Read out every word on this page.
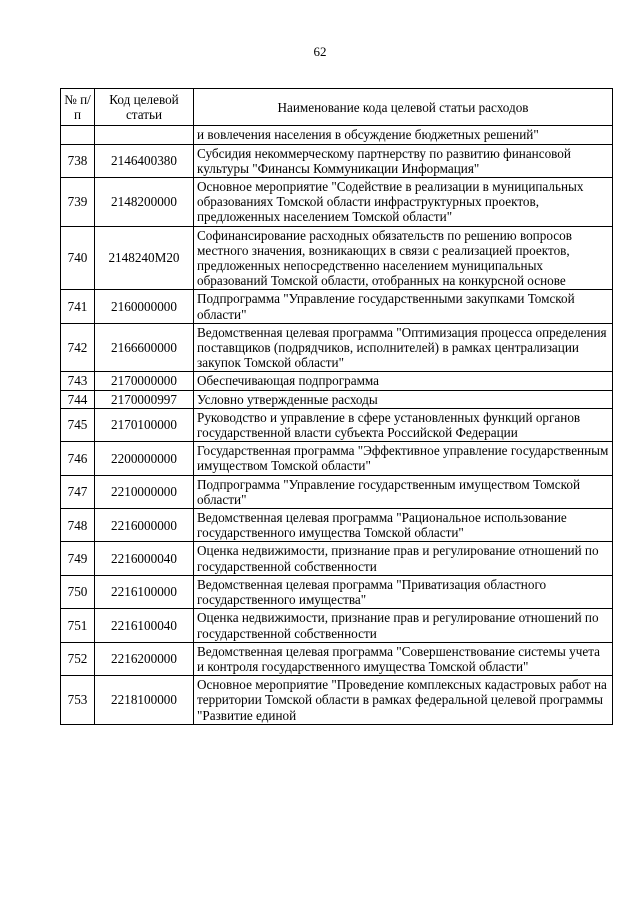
62
№ п/п	Код целевой статьи	Наименование кода целевой статьи расходов
		и вовлечения населения в обсуждение бюджетных решений"
738	2146400380	Субсидия некоммерческому партнерству по развитию финансовой культуры "Финансы Коммуникации Информация"
739	2148200000	Основное мероприятие "Содействие в реализации в муниципальных образованиях Томской области инфраструктурных проектов, предложенных населением Томской области"
740	2148240М20	Софинансирование расходных обязательств по решению вопросов местного значения, возникающих в связи с реализацией проектов, предложенных непосредственно населением муниципальных образований Томской области, отобранных на конкурсной основе
741	2160000000	Подпрограмма "Управление государственными закупками Томской области"
742	2166600000	Ведомственная целевая программа "Оптимизация процесса определения поставщиков (подрядчиков, исполнителей) в рамках централизации закупок Томской области"
743	2170000000	Обеспечивающая подпрограмма
744	2170000997	Условно утвержденные расходы
745	2170100000	Руководство и управление в сфере установленных функций органов государственной власти субъекта Российской Федерации
746	2200000000	Государственная программа "Эффективное управление государственным имуществом Томской области"
747	2210000000	Подпрограмма "Управление государственным имуществом Томской области"
748	2216000000	Ведомственная целевая программа "Рациональное использование государственного имущества Томской области"
749	2216000040	Оценка недвижимости, признание прав и регулирование отношений по государственной собственности
750	2216100000	Ведомственная целевая программа "Приватизация областного государственного имущества"
751	2216100040	Оценка недвижимости, признание прав и регулирование отношений по государственной собственности
752	2216200000	Ведомственная целевая программа "Совершенствование системы учета и контроля государственного имущества Томской области"
753	2218100000	Основное мероприятие "Проведение комплексных кадастровых работ на территории Томской области в рамках федеральной целевой программы "Развитие единой
